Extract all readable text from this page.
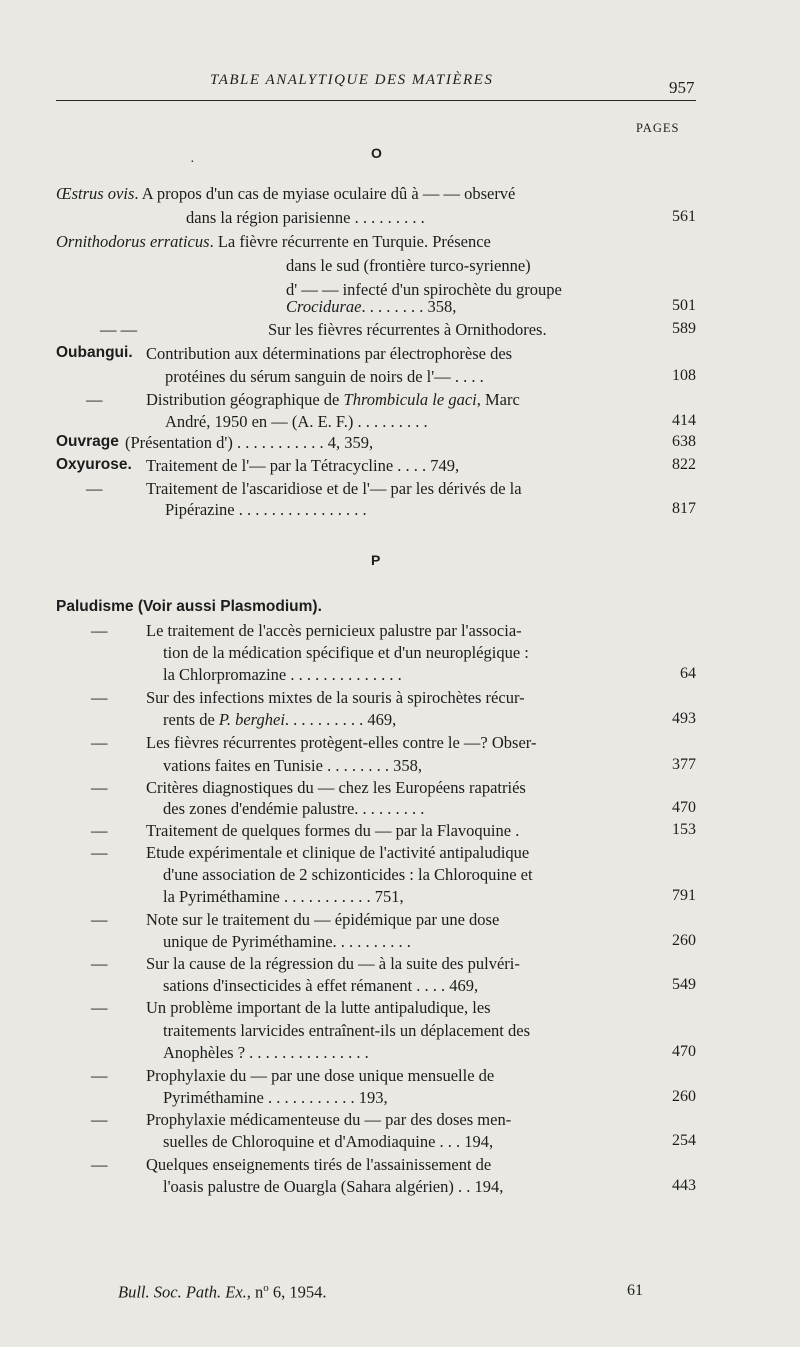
TABLE ANALYTIQUE DES MATIÈRES	957
PAGES
O
·
P
Œstrus ovis. A propos d'un cas de myiase oculaire dû à — — observé
dans la région parisienne . . . . . . . . .	561
Ornithodorus erraticus. La fièvre récurrente en Turquie. Présence
dans le sud (frontière turco-syrienne)
d' — — infecté d'un spirochète du groupe
Crocidurae. . . . . . . . 358,	501
— —	Sur les fièvres récurrentes à Ornithodores.	589
Oubangui. Contribution aux déterminations par électrophorèse des
protéines du sérum sanguin de noirs de l'— . . . .	108
—	Distribution géographique de Thrombicula le gaci, Marc
André, 1950 en — (A. E. F.) . . . . . . . . .	414
Ouvrage (Présentation d') . . . . . . . . . . . 4, 359,	638
Oxyurose. Traitement de l'— par la Tétracycline . . . . 749,	822
—	Traitement de l'ascaridiose et de l'— par les dérivés de la
Pipérazine . . . . . . . . . . . . . . . .	817
Paludisme (Voir aussi Plasmodium).
— Le traitement de l'accès pernicieux palustre par l'associa-
tion de la médication spécifique et d'un neuroplégique :
la Chlorpromazine . . . . . . . . . . . . . .	64
— Sur des infections mixtes de la souris à spirochètes récur-
rents de P. berghei. . . . . . . . . . 469,	493
— Les fièvres récurrentes protègent-elles contre le —? Obser-
vations faites en Tunisie . . . . . . . . 358,	377
— Critères diagnostiques du — chez les Européens rapatriés
des zones d'endémie palustre. . . . . . . . .	470
— Traitement de quelques formes du — par la Flavoquine .	153
— Etude expérimentale et clinique de l'activité antipaludique
d'une association de 2 schizonticides : la Chloroquine et
la Pyriméthamine . . . . . . . . . . . 751,	791
— Note sur le traitement du — épidémique par une dose
unique de Pyriméthamine. . . . . . . . . .	260
— Sur la cause de la régression du — à la suite des pulvéri-
sations d'insecticides à effet rémanent . . . . 469,	549
— Un problème important de la lutte antipaludique, les
traitements larvicides entraînent-ils un déplacement des
Anophèles ? . . . . . . . . . . . . . . .	470
— Prophylaxie du — par une dose unique mensuelle de
Pyriméthamine . . . . . . . . . . . 193,	260
— Prophylaxie médicamenteuse du — par des doses men-
suelles de Chloroquine et d'Amodiaquine . . . 194,	254
— Quelques enseignements tirés de l'assainissement de
l'oasis palustre de Ouargla (Sahara algérien) . . 194,	443
Bull. Soc. Path. Ex., $n^o$ 6, 1954.	61
